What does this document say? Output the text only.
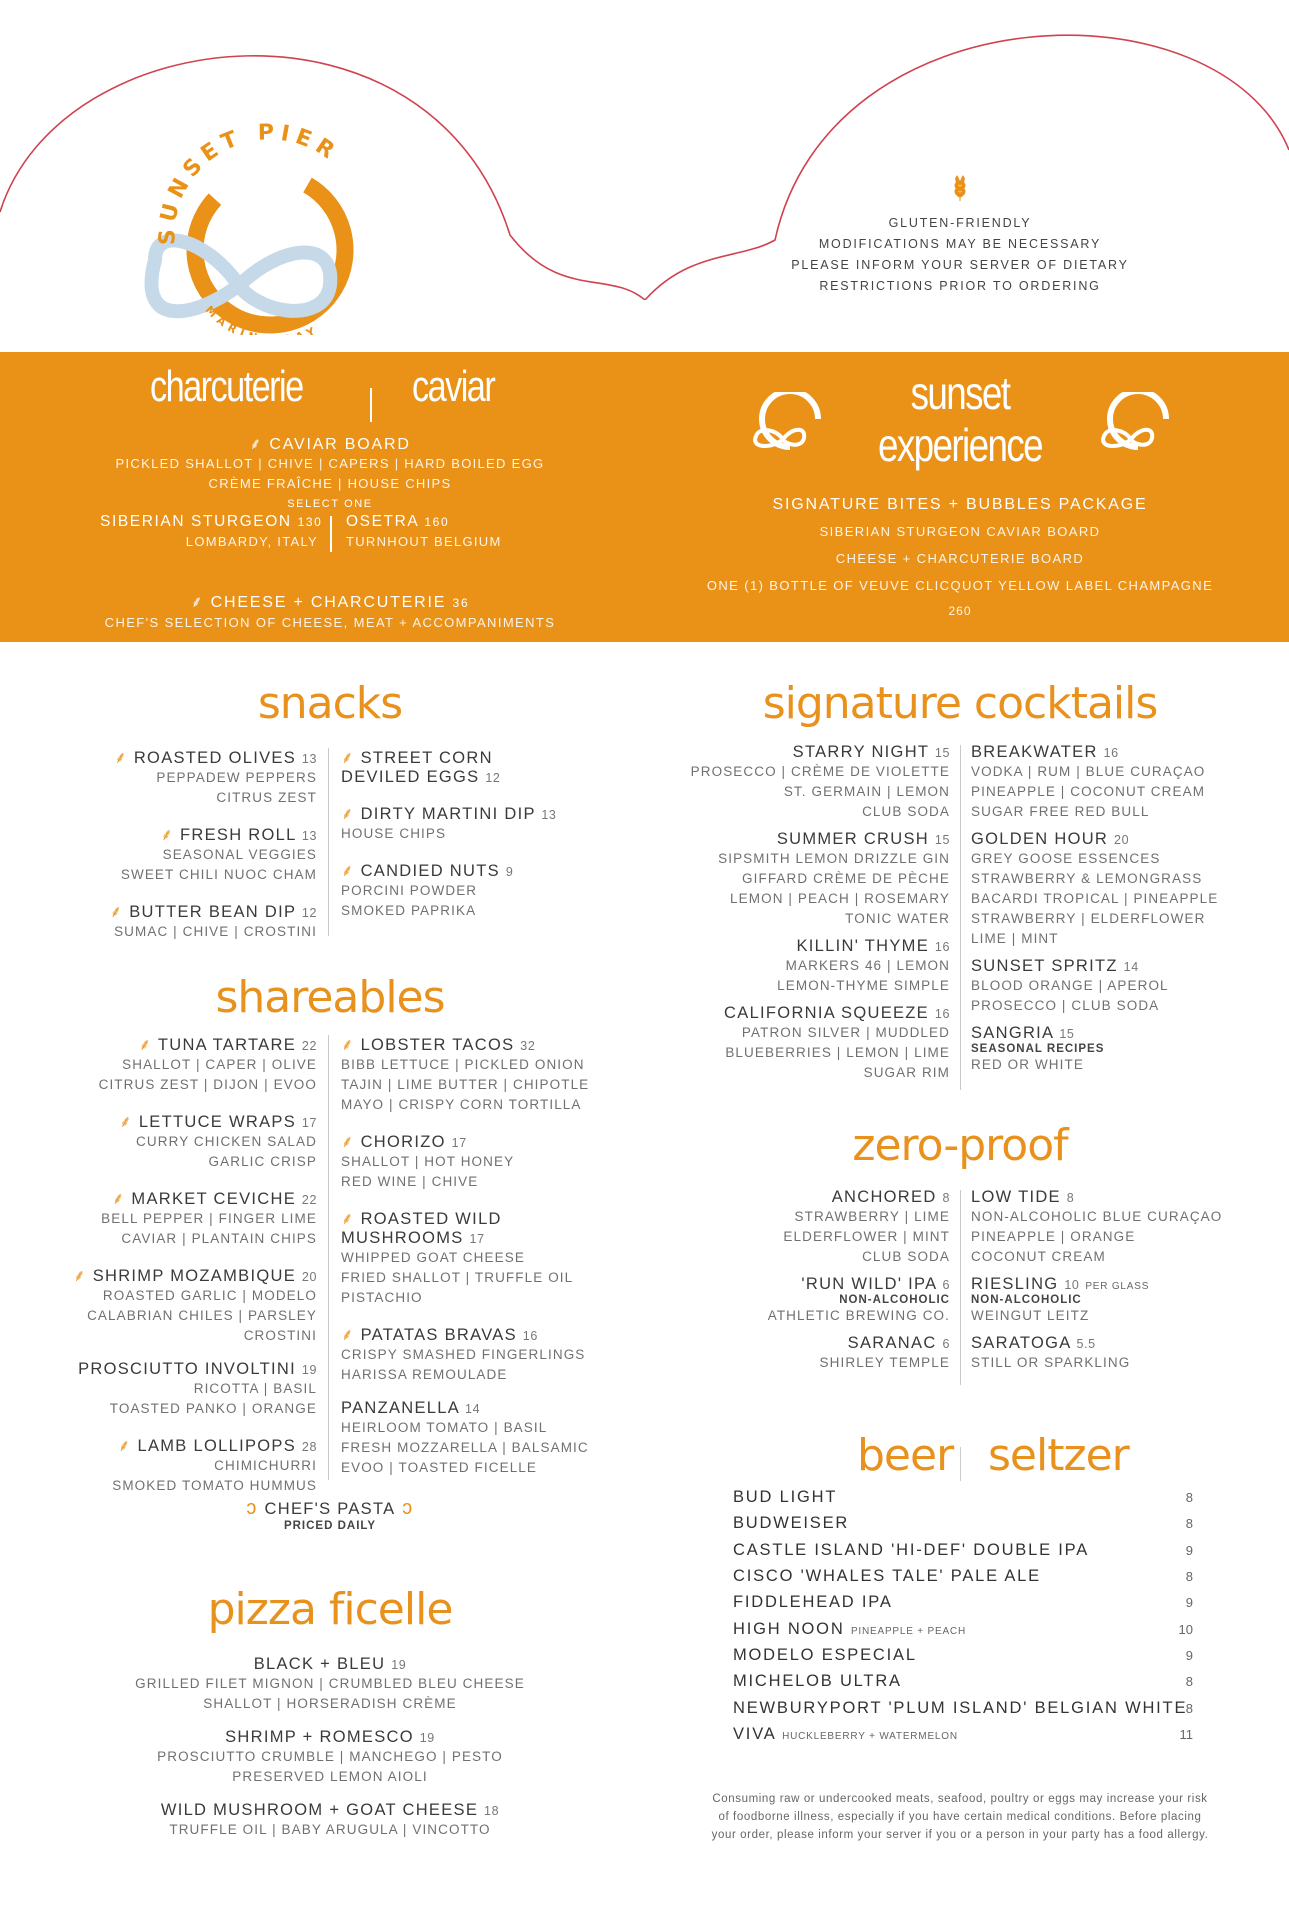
SUNSET PIER
MARI Y
GLUTEN-FRIENDLY
MODIFICATIONS MAY BE NECESSARY
PLEASE INFORM YOUR SERVER OF DIETARY
RESTRICTIONS PRIOR TO ORDERING
charcuterie caviar
⸙ CAVIAR BOARD
PICKLED SHALLOT | CHIVE | CAPERS | HARD BOILED EGG
CRÈME FRAÎCHE | HOUSE CHIPS
SELECT ONE
SIBERIAN STURGEON 130
LOMBARDY, ITALY
OSETRA 160
TURNHOUT BELGIUM
⸙ CHEESE + CHARCUTERIE 36
CHEF'S SELECTION OF CHEESE, MEAT + ACCOMPANIMENTS
sunset
experience
SIGNATURE BITES + BUBBLES PACKAGE
SIBERIAN STURGEON CAVIAR BOARD
CHEESE + CHARCUTERIE BOARD
ONE (1) BOTTLE OF VEUVE CLICQUOT YELLOW LABEL CHAMPAGNE
260
snacks
shareables
pizza ficelle
signature cocktails
zero-proof
beer seltzer
⸙ ROASTED OLIVES 13
PEPPADEW PEPPERS
CITRUS ZEST
⸙ FRESH ROLL 13
SEASONAL VEGGIES
SWEET CHILI NUOC CHAM
⸙ BUTTER BEAN DIP 12
SUMAC | CHIVE | CROSTINI
⸙ STREET CORN
DEVILED EGGS 12
⸙ DIRTY MARTINI DIP 13
HOUSE CHIPS
⸙ CANDIED NUTS 9
PORCINI POWDER
SMOKED PAPRIKA
⸙ TUNA TARTARE 22
SHALLOT | CAPER | OLIVE
CITRUS ZEST | DIJON | EVOO
⸙ LETTUCE WRAPS 17
CURRY CHICKEN SALAD
GARLIC CRISP
⸙ MARKET CEVICHE 22
BELL PEPPER | FINGER LIME
CAVIAR | PLANTAIN CHIPS
⸙ SHRIMP MOZAMBIQUE 20
ROASTED GARLIC | MODELO
CALABRIAN CHILES | PARSLEY
CROSTINI
PROSCIUTTO INVOLTINI 19
RICOTTA | BASIL
TOASTED PANKO | ORANGE
⸙ LAMB LOLLIPOPS 28
CHIMICHURRI
SMOKED TOMATO HUMMUS
⸙ LOBSTER TACOS 32
BIBB LETTUCE | PICKLED ONION
TAJIN | LIME BUTTER | CHIPOTLE
MAYO | CRISPY CORN TORTILLA
⸙ CHORIZO 17
SHALLOT | HOT HONEY
RED WINE | CHIVE
⸙ ROASTED WILD
MUSHROOMS 17
WHIPPED GOAT CHEESE
FRIED SHALLOT | TRUFFLE OIL
PISTACHIO
⸙ PATATAS BRAVAS 16
CRISPY SMASHED FINGERLINGS
HARISSA REMOULADE
PANZANELLA 14
HEIRLOOM TOMATO | BASIL
FRESH MOZZARELLA | BALSAMIC
EVOO | TOASTED FICELLE
ↄ CHEF'S PASTA ↄ
PRICED DAILY
BLACK + BLEU 19
GRILLED FILET MIGNON | CRUMBLED BLEU CHEESE
SHALLOT | HORSERADISH CRÈME
SHRIMP + ROMESCO 19
PROSCIUTTO CRUMBLE | MANCHEGO | PESTO
PRESERVED LEMON AIOLI
WILD MUSHROOM + GOAT CHEESE 18
TRUFFLE OIL | BABY ARUGULA | VINCOTTO
STARRY NIGHT 15
PROSECCO | CRÈME DE VIOLETTE
ST. GERMAIN | LEMON
CLUB SODA
SUMMER CRUSH 15
SIPSMITH LEMON DRIZZLE GIN
GIFFARD CRÈME DE PÈCHE
LEMON | PEACH | ROSEMARY
TONIC WATER
KILLIN' THYME 16
MARKERS 46 | LEMON
LEMON-THYME SIMPLE
CALIFORNIA SQUEEZE 16
PATRON SILVER | MUDDLED
BLUEBERRIES | LEMON | LIME
SUGAR RIM
BREAKWATER 16
VODKA | RUM | BLUE CURAÇAO
PINEAPPLE | COCONUT CREAM
SUGAR FREE RED BULL
GOLDEN HOUR 20
GREY GOOSE ESSENCES
STRAWBERRY & LEMONGRASS
BACARDI TROPICAL | PINEAPPLE
STRAWBERRY | ELDERFLOWER
LIME | MINT
SUNSET SPRITZ 14
BLOOD ORANGE | APEROL
PROSECCO | CLUB SODA
SANGRIA 15
SEASONAL RECIPES
RED OR WHITE
ANCHORED 8
STRAWBERRY | LIME
ELDERFLOWER | MINT
CLUB SODA
'RUN WILD' IPA 6
NON-ALCOHOLIC
ATHLETIC BREWING CO.
SARANAC 6
SHIRLEY TEMPLE
LOW TIDE 8
NON-ALCOHOLIC BLUE CURAÇAO
PINEAPPLE | ORANGE
COCONUT CREAM
RIESLING 10 PER GLASS
NON-ALCOHOLIC
WEINGUT LEITZ
SARATOGA 5.5
STILL OR SPARKLING
BUD LIGHT	8
BUDWEISER	8
CASTLE ISLAND 'HI-DEF' DOUBLE IPA	9
CISCO 'WHALES TALE' PALE ALE	8
FIDDLEHEAD IPA	9
HIGH NOON PINEAPPLE + PEACH	10
MODELO ESPECIAL	9
MICHELOB ULTRA	8
NEWBURYPORT 'PLUM ISLAND' BELGIAN WHITE
8
VIVA HUCKLEBERRY + WATERMELON	11
Consuming raw or undercooked meats, seafood, poultry or eggs may increase your risk
of foodborne illness, especially if you have certain medical conditions. Before placing
your order, please inform your server if you or a person in your party has a food allergy.
